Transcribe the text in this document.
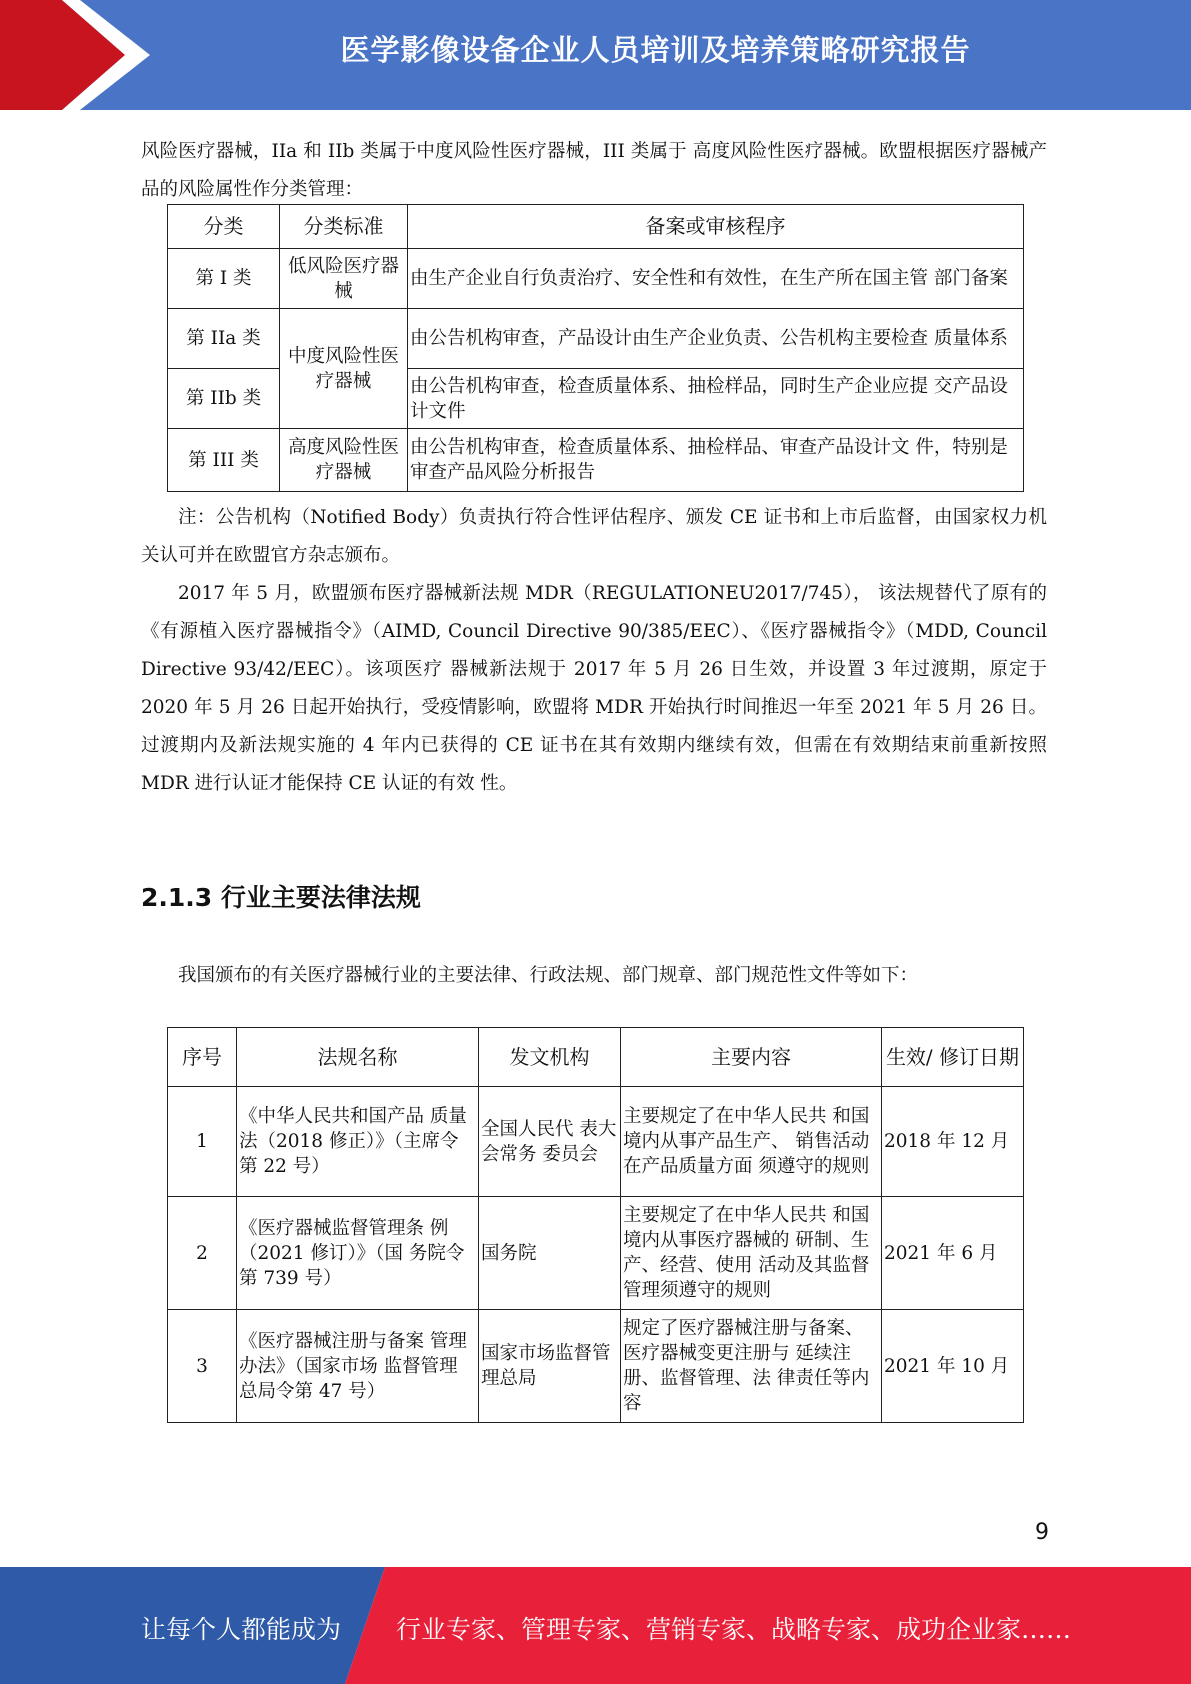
医学影像设备企业人员培训及培养策略研究报告

风险医疗器械，IIa 和 IIb 类属于中度风险性医疗器械，III 类属于 高度风险性医疗器械。欧盟根据医疗器械产品的风险属性作分类管理：

分类	分类标准	备案或审核程序
第 I 类	低风险医疗器械	由生产企业自行负责治疗、安全性和有效性，在生产所在国主管 部门备案
第 IIa 类	中度风险性医疗器械	由公告机构审查，产品设计由生产企业负责、公告机构主要检查 质量体系
第 IIb 类		由公告机构审查，检查质量体系、抽检样品，同时生产企业应提 交产品设计文件
第 III 类	高度风险性医疗器械	由公告机构审查，检查质量体系、抽检样品、审查产品设计文 件，特别是审查产品风险分析报告

注：公告机构（Notified Body）负责执行符合性评估程序、颁发 CE 证书和上市后监督，由国家权力机关认可并在欧盟官方杂志颁布。

2017 年 5 月，欧盟颁布医疗器械新法规 MDR（REGULATIONEU2017/745）， 该法规替代了原有的《有源植入医疗器械指令》（AIMD, Council Directive 90/385/EEC）、《医疗器械指令》（MDD, Council Directive 93/42/EEC）。该项医疗 器械新法规于 2017 年 5 月 26 日生效，并设置 3 年过渡期，原定于 2020 年 5 月 26 日起开始执行，受疫情影响，欧盟将 MDR 开始执行时间推迟一年至 2021 年 5 月 26 日。过渡期内及新法规实施的 4 年内已获得的 CE 证书在其有效期内继续有效，但需在有效期结束前重新按照 MDR 进行认证才能保持 CE 认证的有效 性。

2.1.3 行业主要法律法规

我国颁布的有关医疗器械行业的主要法律、行政法规、部门规章、部门规范性文件等如下：

序号	法规名称	发文机构	主要内容	生效/ 修订日期
1	《中华人民共和国产品 质量法（2018 修正）》（主席令第 22 号）	全国人民代 表大会常务 委员会	主要规定了在中华人民共 和国境内从事产品生产、 销售活动在产品质量方面 须遵守的规则	2018 年 12 月
2	《医疗器械监督管理条 例（2021 修订）》（国 务院令第 739 号）	国务院	主要规定了在中华人民共 和国境内从事医疗器械的 研制、生产、经营、使用 活动及其监督管理须遵守的规则	2021 年 6 月
3	《医疗器械注册与备案 管理办法》（国家市场 监督管理总局令第 47 号）	国家市场监督管理总局	规定了医疗器械注册与备案、医疗器械变更注册与 延续注册、监督管理、法 律责任等内容	2021 年 10 月
9
让每个人都能成为 行业专家、管理专家、营销专家、战略专家、成功企业家……
